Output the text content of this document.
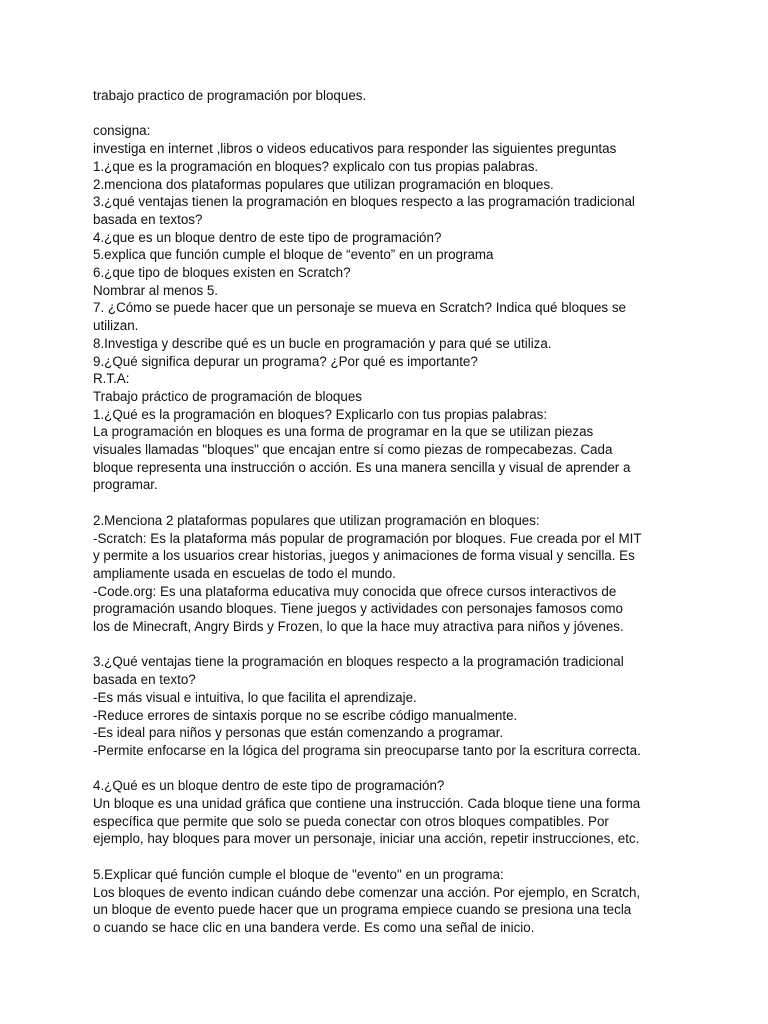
trabajo practico de programación por bloques.
consigna:
investiga en internet ,libros o videos educativos para responder las siguientes preguntas
1.¿que es la programación en bloques? explicalo con tus propias palabras.
2.menciona dos plataformas populares que utilizan programación en bloques.
3.¿qué ventajas tienen la programación en bloques respecto a las programación tradicional
basada en textos?
4.¿que es un bloque dentro de este tipo de programación?
5.explica que función cumple el bloque de “evento” en un programa
6.¿que tipo de bloques existen en Scratch?
Nombrar al menos 5.
7. ¿Cómo se puede hacer que un personaje se mueva en Scratch? Indica qué bloques se
utilizan.
8.Investiga y describe qué es un bucle en programación y para qué se utiliza.
9.¿Qué significa depurar un programa? ¿Por qué es importante?
R.T.A:
Trabajo práctico de programación de bloques
1.¿Qué es la programación en bloques? Explicarlo con tus propias palabras:
La programación en bloques es una forma de programar en la que se utilizan piezas
visuales llamadas "bloques" que encajan entre sí como piezas de rompecabezas. Cada
bloque representa una instrucción o acción. Es una manera sencilla y visual de aprender a
programar.
2.Menciona 2 plataformas populares que utilizan programación en bloques:
-Scratch: Es la plataforma más popular de programación por bloques. Fue creada por el MIT
y permite a los usuarios crear historias, juegos y animaciones de forma visual y sencilla. Es
ampliamente usada en escuelas de todo el mundo.
-Code.org: Es una plataforma educativa muy conocida que ofrece cursos interactivos de
programación usando bloques. Tiene juegos y actividades con personajes famosos como
los de Minecraft, Angry Birds y Frozen, lo que la hace muy atractiva para niños y jóvenes.
3.¿Qué ventajas tiene la programación en bloques respecto a la programación tradicional
basada en texto?
-Es más visual e intuitiva, lo que facilita el aprendizaje.
-Reduce errores de sintaxis porque no se escribe código manualmente.
-Es ideal para niños y personas que están comenzando a programar.
-Permite enfocarse en la lógica del programa sin preocuparse tanto por la escritura correcta.
4.¿Qué es un bloque dentro de este tipo de programación?
Un bloque es una unidad gráfica que contiene una instrucción. Cada bloque tiene una forma
específica que permite que solo se pueda conectar con otros bloques compatibles. Por
ejemplo, hay bloques para mover un personaje, iniciar una acción, repetir instrucciones, etc.
5.Explicar qué función cumple el bloque de "evento" en un programa:
Los bloques de evento indican cuándo debe comenzar una acción. Por ejemplo, en Scratch,
un bloque de evento puede hacer que un programa empiece cuando se presiona una tecla
o cuando se hace clic en una bandera verde. Es como una señal de inicio.
